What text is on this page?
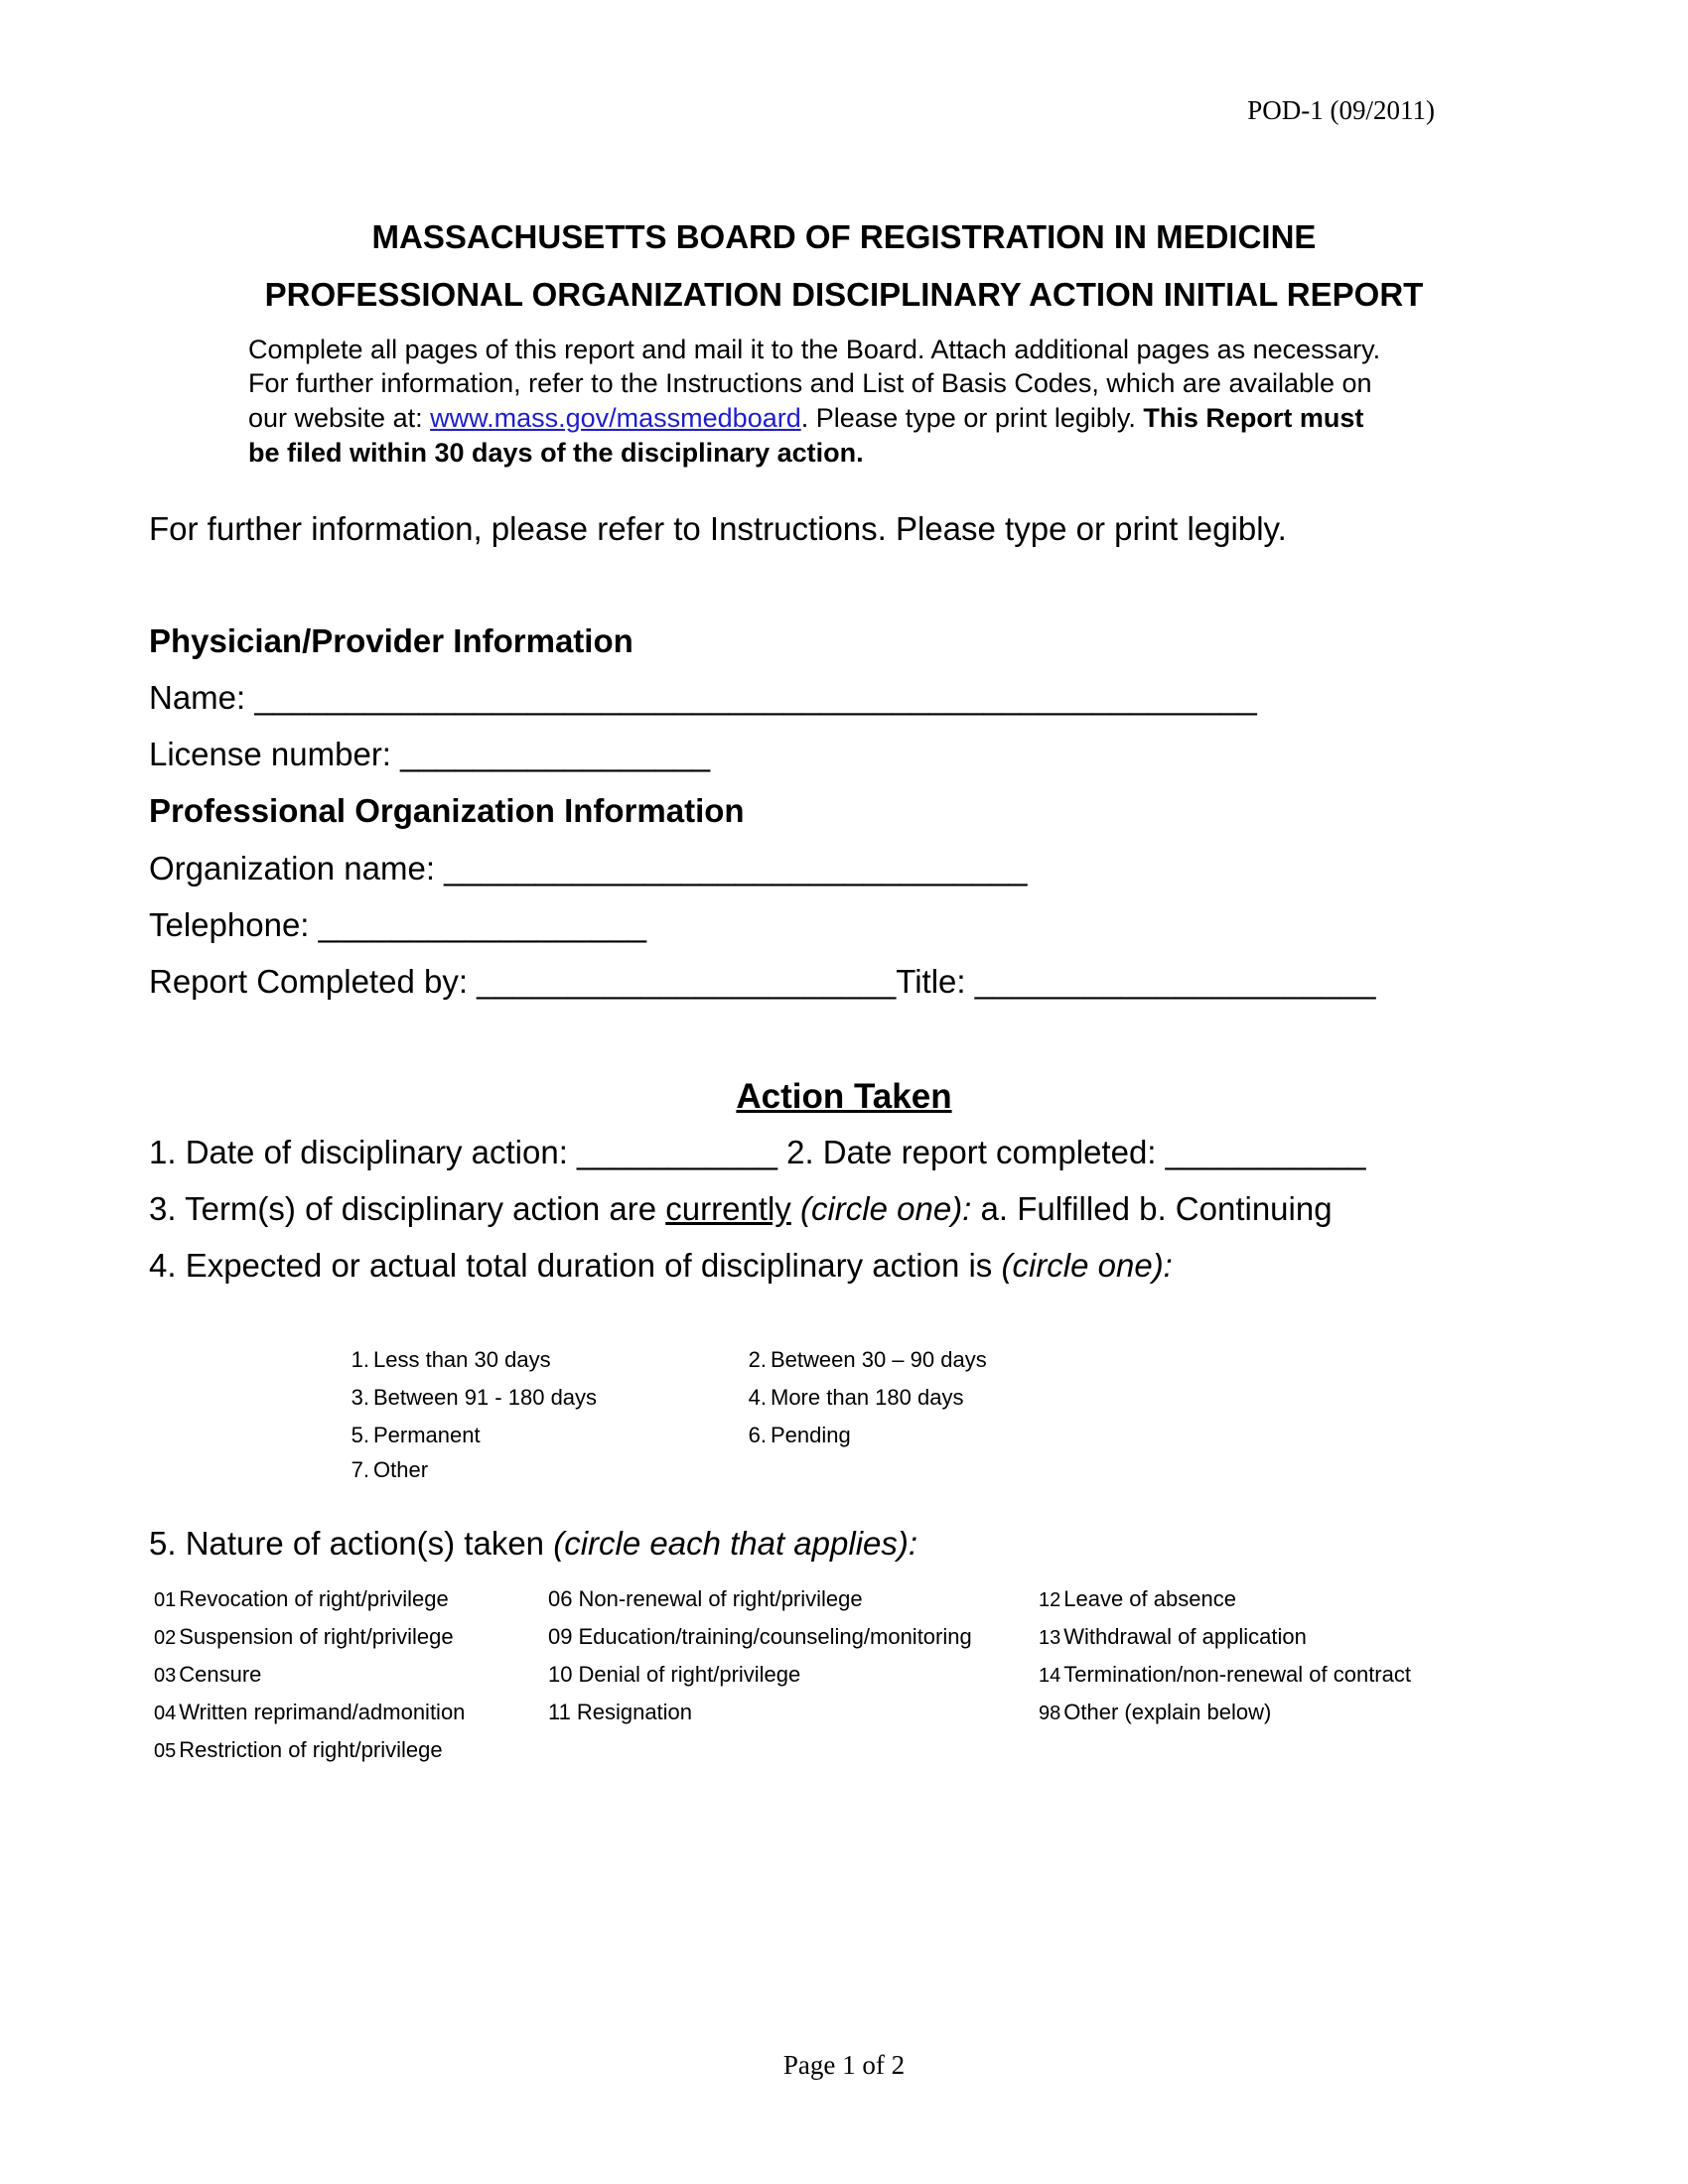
POD-1 (09/2011)
MASSACHUSETTS BOARD OF REGISTRATION IN MEDICINE
PROFESSIONAL ORGANIZATION DISCIPLINARY ACTION INITIAL REPORT
Complete all pages of this report and mail it to the Board. Attach additional pages as necessary.
For further information, refer to the Instructions and List of Basis Codes, which are available on
our website at: www.mass.gov/massmedboard. Please type or print legibly. This Report must
be filed within 30 days of the disciplinary action.
For further information, please refer to Instructions. Please type or print legibly.
Physician/Provider Information
Name: _______________________________________________________
License number: _________________
Professional Organization Information
Organization name: ________________________________
Telephone: __________________
Report Completed by: _______________________Title: ______________________
Action Taken
1. Date of disciplinary action: ___________ 2. Date report completed: ___________
3. Term(s) of disciplinary action are currently (circle one): a. Fulfilled b. Continuing
4. Expected or actual total duration of disciplinary action is (circle one):
1. Less than 30 days	2. Between 30 – 90 days
3. Between 91 - 180 days	4. More than 180 days
5. Permanent	6. Pending
7. Other
5. Nature of action(s) taken (circle each that applies):
01 Revocation of right/privilege
02 Suspension of right/privilege
03 Censure
04 Written reprimand/admonition
05 Restriction of right/privilege
06 Non-renewal of right/privilege
09 Education/training/counseling/monitoring
10 Denial of right/privilege
11 Resignation
12 Leave of absence
13 Withdrawal of application
14 Termination/non-renewal of contract
98 Other (explain below)
Page 1 of 2
